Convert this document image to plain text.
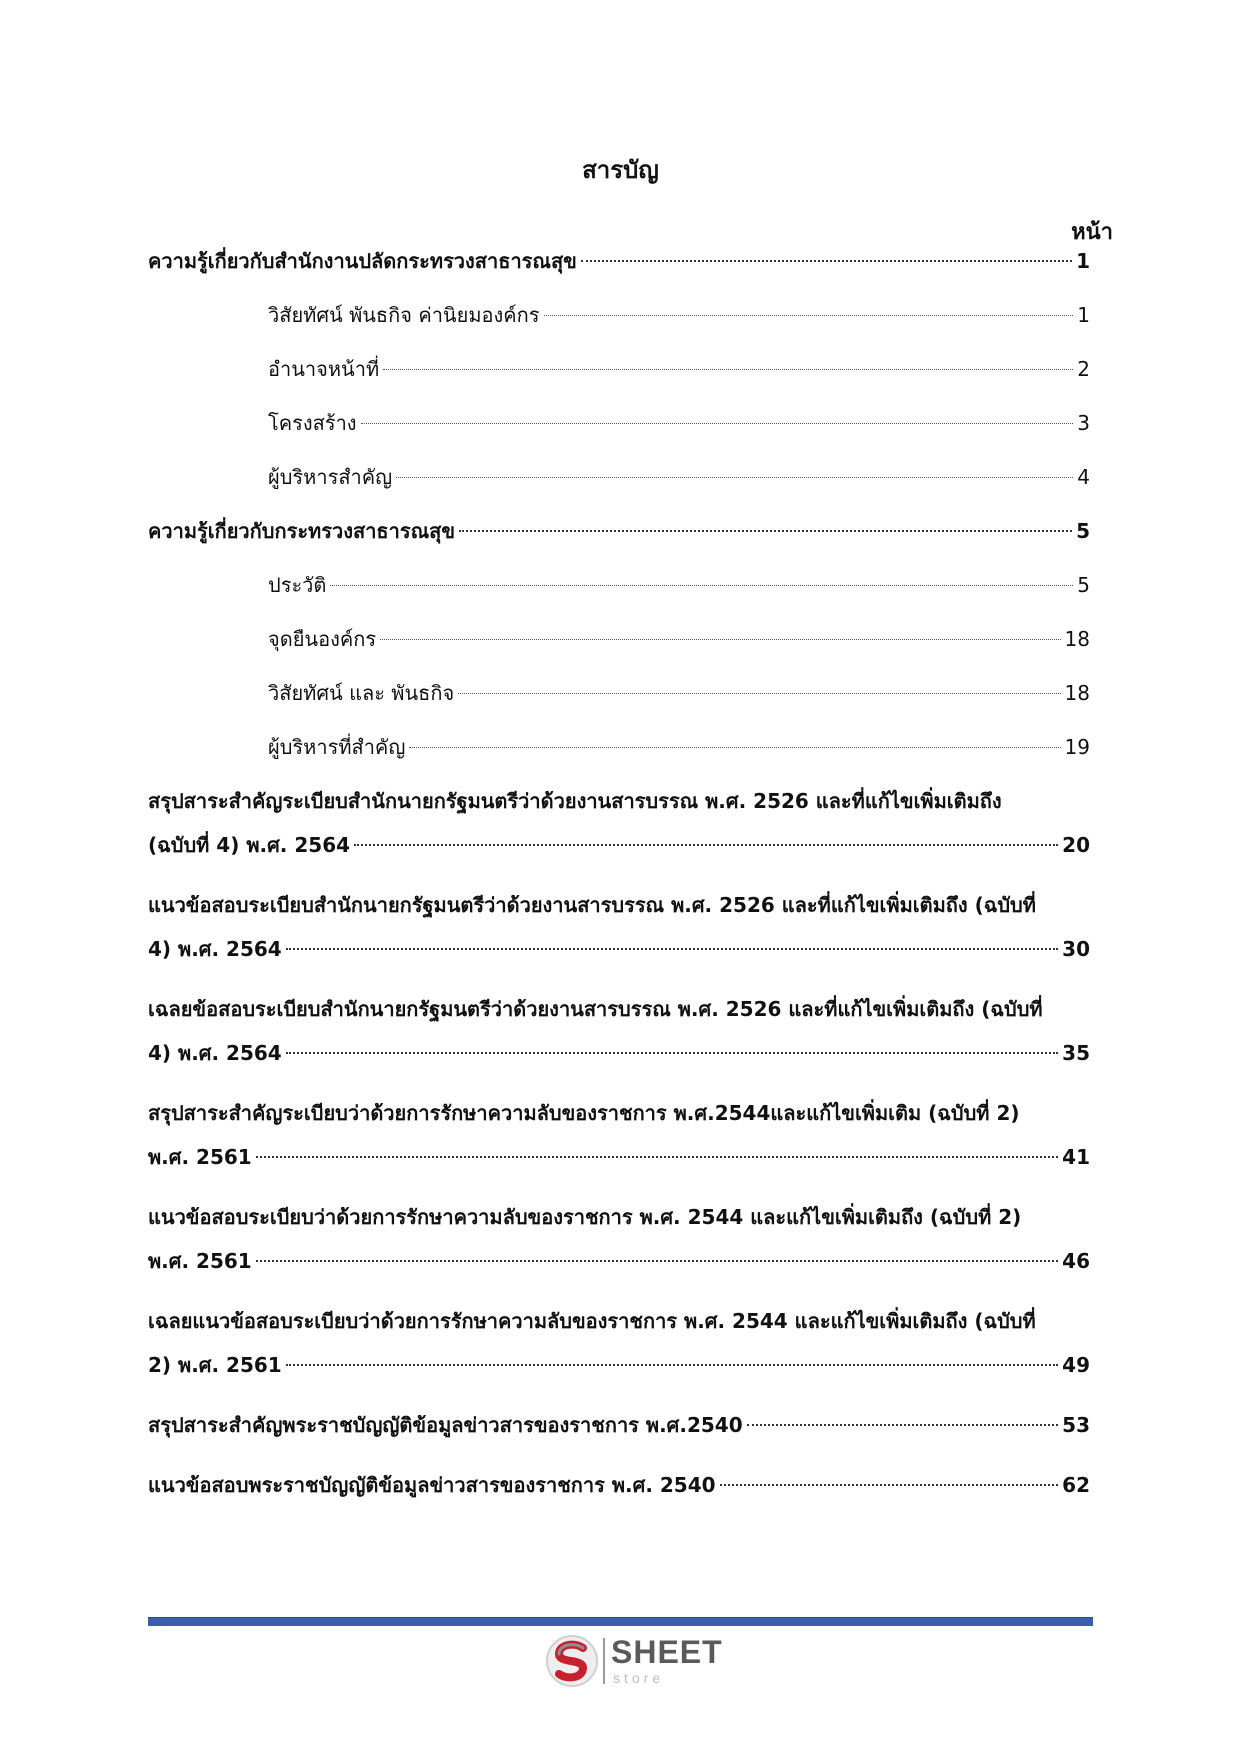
สารบัญ
หน้า
ความรู้เกี่ยวกับสำนักงานปลัดกระทรวงสาธารณสุข	1
วิสัยทัศน์ พันธกิจ ค่านิยมองค์กร	1
อำนาจหน้าที่	2
โครงสร้าง	3
ผู้บริหารสำคัญ	4
ความรู้เกี่ยวกับกระทรวงสาธารณสุข	5
ประวัติ	5
จุดยืนองค์กร	18
วิสัยทัศน์ และ พันธกิจ	18
ผู้บริหารที่สำคัญ	19
สรุปสาระสำคัญระเบียบสำนักนายกรัฐมนตรีว่าด้วยงานสารบรรณ พ.ศ. 2526 และที่แก้ไขเพิ่มเติมถึง
(ฉบับที่ 4) พ.ศ. 2564	20
แนวข้อสอบระเบียบสำนักนายกรัฐมนตรีว่าด้วยงานสารบรรณ พ.ศ. 2526 และที่แก้ไขเพิ่มเติมถึง (ฉบับที่
4) พ.ศ. 2564	30
เฉลยข้อสอบระเบียบสำนักนายกรัฐมนตรีว่าด้วยงานสารบรรณ พ.ศ. 2526 และที่แก้ไขเพิ่มเติมถึง (ฉบับที่
4) พ.ศ. 2564	35
สรุปสาระสำคัญระเบียบว่าด้วยการรักษาความลับของราชการ พ.ศ.2544และแก้ไขเพิ่มเติม (ฉบับที่ 2)
พ.ศ. 2561	41
แนวข้อสอบระเบียบว่าด้วยการรักษาความลับของราชการ พ.ศ. 2544 และแก้ไขเพิ่มเติมถึง (ฉบับที่ 2)
พ.ศ. 2561	46
เฉลยแนวข้อสอบระเบียบว่าด้วยการรักษาความลับของราชการ พ.ศ. 2544 และแก้ไขเพิ่มเติมถึง (ฉบับที่
2) พ.ศ. 2561	49
สรุปสาระสำคัญพระราชบัญญัติข้อมูลข่าวสารของราชการ พ.ศ.2540	53
แนวข้อสอบพระราชบัญญัติข้อมูลข่าวสารของราชการ พ.ศ. 2540	62
SHEET
store
